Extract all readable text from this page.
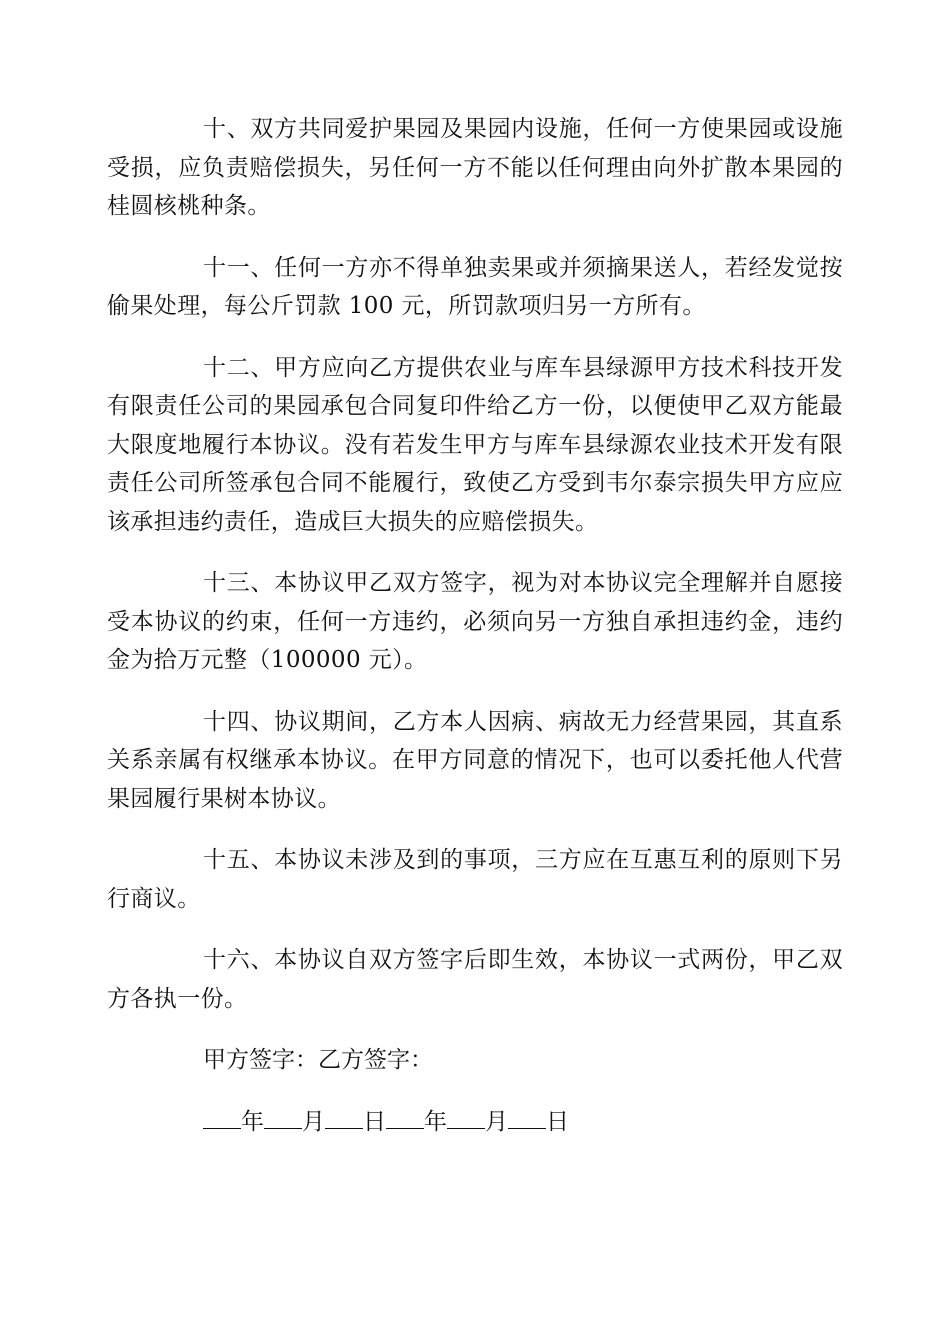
十、双方共同爱护果园及果园内设施，任何一方使果园或设施受损，应负责赔偿损失，另任何一方不能以任何理由向外扩散本果园的桂圆核桃种条。

十一、任何一方亦不得单独卖果或并须摘果送人，若经发觉按偷果处理，每公斤罚款 100 元，所罚款项归另一方所有。

十二、甲方应向乙方提供农业与库车县绿源甲方技术科技开发有限责任公司的果园承包合同复印件给乙方一份，以便使甲乙双方能最大限度地履行本协议。没有若发生甲方与库车县绿源农业技术开发有限责任公司所签承包合同不能履行，致使乙方受到韦尔泰宗损失甲方应应该承担违约责任，造成巨大损失的应赔偿损失。

十三、本协议甲乙双方签字，视为对本协议完全理解并自愿接受本协议的约束，任何一方违约，必须向另一方独自承担违约金，违约金为拾万元整（100000 元）。

十四、协议期间，乙方本人因病、病故无力经营果园，其直系关系亲属有权继承本协议。在甲方同意的情况下，也可以委托他人代营果园履行果树本协议。

十五、本协议未涉及到的事项，三方应在互惠互利的原则下另行商议。

十六、本协议自双方签字后即生效，本协议一式两份，甲乙双方各执一份。

甲方签字：乙方签字：

年 月 日 年 月 日
